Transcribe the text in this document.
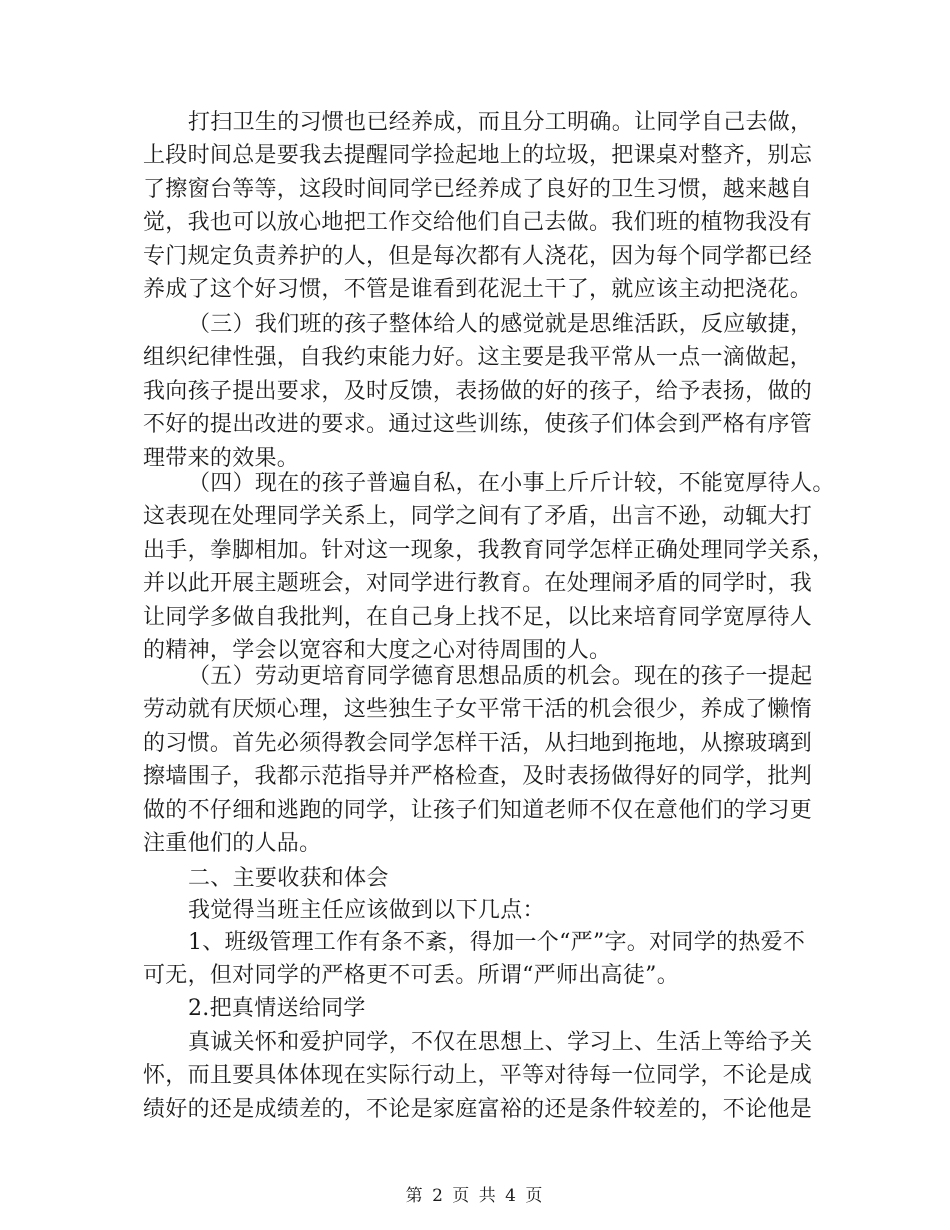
打扫卫生的习惯也已经养成，而且分工明确。让同学自己去做，
上段时间总是要我去提醒同学捡起地上的垃圾，把课桌对整齐，别忘
了擦窗台等等，这段时间同学已经养成了良好的卫生习惯，越来越自
觉，我也可以放心地把工作交给他们自己去做。我们班的植物我没有
专门规定负责养护的人，但是每次都有人浇花，因为每个同学都已经
养成了这个好习惯，不管是谁看到花泥土干了，就应该主动把浇花。
（三）我们班的孩子整体给人的感觉就是思维活跃，反应敏捷，
组织纪律性强，自我约束能力好。这主要是我平常从一点一滴做起，
我向孩子提出要求，及时反馈，表扬做的好的孩子，给予表扬，做的
不好的提出改进的要求。通过这些训练，使孩子们体会到严格有序管
理带来的效果。
（四）现在的孩子普遍自私，在小事上斤斤计较，不能宽厚待人。
这表现在处理同学关系上，同学之间有了矛盾，出言不逊，动辄大打
出手，拳脚相加。针对这一现象，我教育同学怎样正确处理同学关系，
并以此开展主题班会，对同学进行教育。在处理闹矛盾的同学时，我
让同学多做自我批判，在自己身上找不足，以比来培育同学宽厚待人
的精神，学会以宽容和大度之心对待周围的人。
（五）劳动更培育同学德育思想品质的机会。现在的孩子一提起
劳动就有厌烦心理，这些独生子女平常干活的机会很少，养成了懒惰
的习惯。首先必须得教会同学怎样干活，从扫地到拖地，从擦玻璃到
擦墙围子，我都示范指导并严格检查，及时表扬做得好的同学，批判
做的不仔细和逃跑的同学，让孩子们知道老师不仅在意他们的学习更
注重他们的人品。
二、主要收获和体会
我觉得当班主任应该做到以下几点：
1、班级管理工作有条不紊，得加一个“严”字。对同学的热爱不
可无，但对同学的严格更不可丢。所谓“严师出高徒”。
2.把真情送给同学
真诚关怀和爱护同学，不仅在思想上、学习上、生活上等给予关
怀，而且要具体体现在实际行动上，平等对待每一位同学，不论是成
绩好的还是成绩差的，不论是家庭富裕的还是条件较差的，不论他是
第 2 页 共 4 页
